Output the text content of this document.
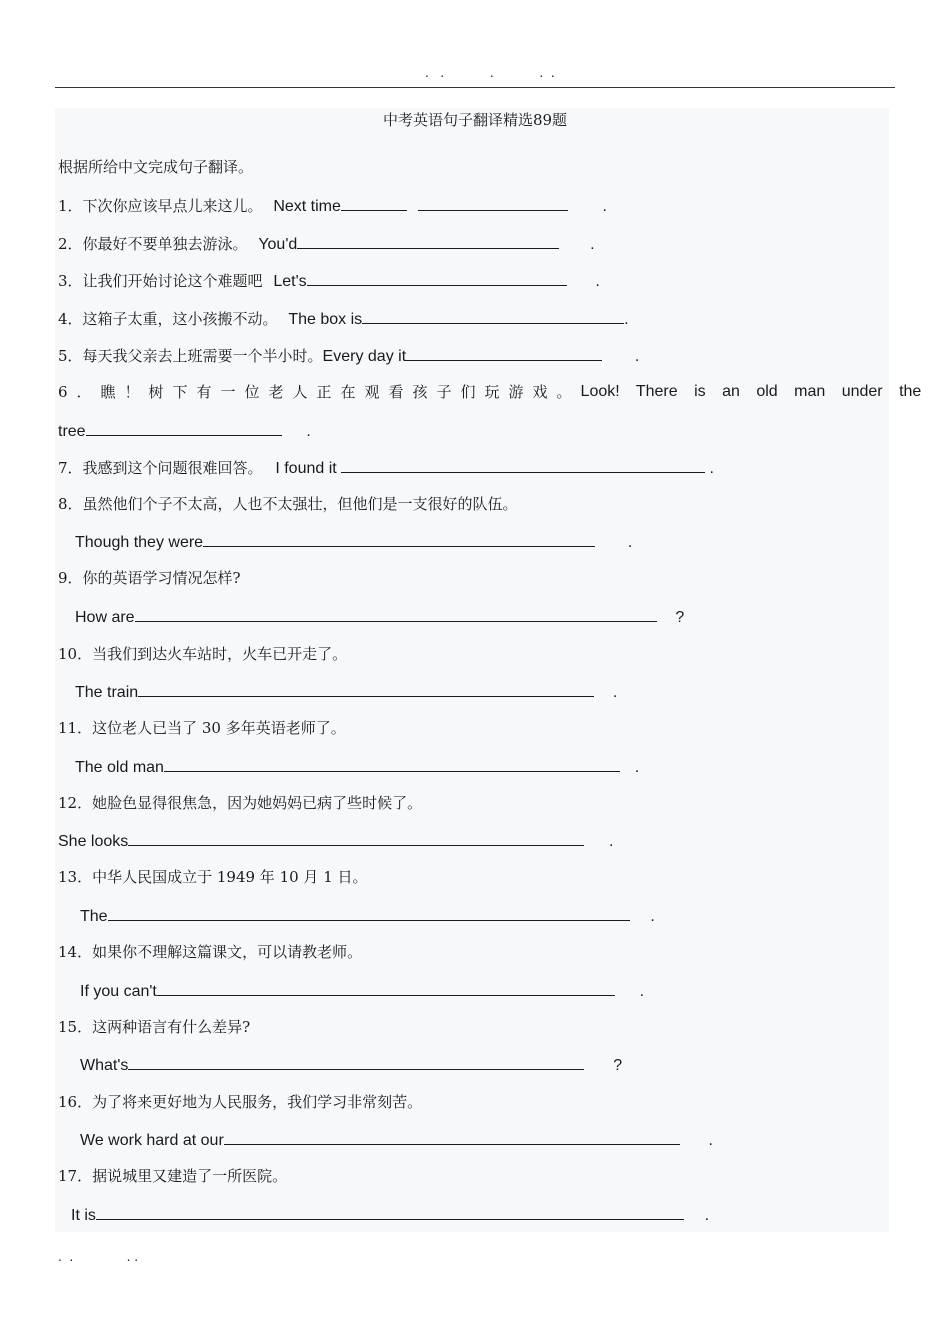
.   .            .            .  .
中考英语句子翻译精选89题
根据所给中文完成句子翻译。
1．下次你应该早点儿来这儿。 Next time	.
2．你最好不要单独去游泳。 You'd	.
3．让我们开始讨论这个难题吧 Let's	.
4．这箱子太重，这小孩搬不动。 The box is	.
5．每天我父亲去上班需要一个半小时。Every day it	.
6．瞧！树下有一位老人正在观看孩子们玩游戏。 Look! There is an old man under the
tree	.
7．我感到这个问题很难回答。 I found it	.
8．虽然他们个子不太高，人也不太强壮，但他们是一支很好的队伍。
Though they were	.
9．你的英语学习情况怎样?
How are	?
10．当我们到达火车站时，火车已开走了。
The train	.
11．这位老人已当了 30 多年英语老师了。
The old man	.
12．她脸色显得很焦急，因为她妈妈已病了些时候了。
She looks	.
13．中华人民国成立于 1949 年 10 月 1 日。
The	.
14．如果你不理解这篇课文，可以请教老师。
If you can't	.
15．这两种语言有什么差异?
What's	?
16．为了将来更好地为人民服务，我们学习非常刻苦。
We work hard at our	.
17．据说城里又建造了一所医院。
It is	.
.  .              . .
